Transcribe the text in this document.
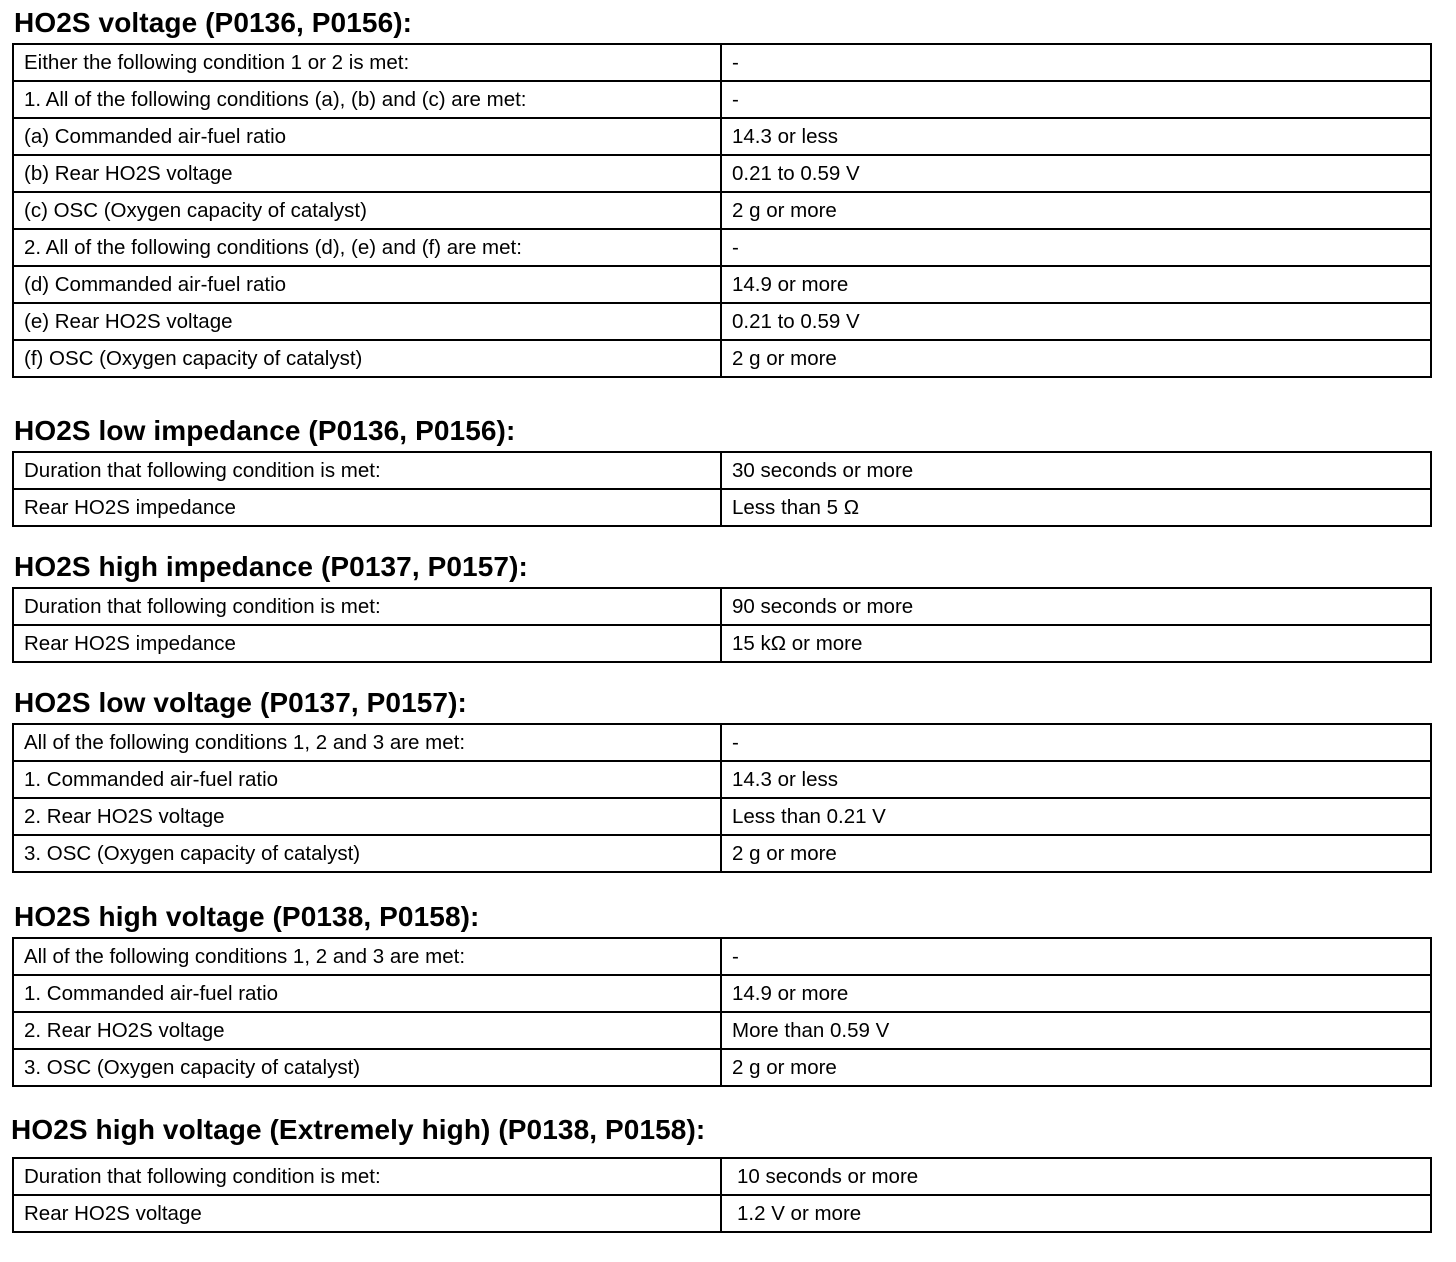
HO2S voltage (P0136, P0156):
Either the following condition 1 or 2 is met:	-
1. All of the following conditions (a), (b) and (c) are met:	-
(a) Commanded air-fuel ratio	14.3 or less
(b) Rear HO2S voltage	0.21 to 0.59 V
(c) OSC (Oxygen capacity of catalyst)	2 g or more
2. All of the following conditions (d), (e) and (f) are met:	-
(d) Commanded air-fuel ratio	14.9 or more
(e) Rear HO2S voltage	0.21 to 0.59 V
(f) OSC (Oxygen capacity of catalyst)	2 g or more
HO2S low impedance (P0136, P0156):
Duration that following condition is met:	30 seconds or more
Rear HO2S impedance	Less than 5 Ω
HO2S high impedance (P0137, P0157):
Duration that following condition is met:	90 seconds or more
Rear HO2S impedance	15 kΩ or more
HO2S low voltage (P0137, P0157):
All of the following conditions 1, 2 and 3 are met:	-
1. Commanded air-fuel ratio	14.3 or less
2. Rear HO2S voltage	Less than 0.21 V
3. OSC (Oxygen capacity of catalyst)	2 g or more
HO2S high voltage (P0138, P0158):
All of the following conditions 1, 2 and 3 are met:	-
1. Commanded air-fuel ratio	14.9 or more
2. Rear HO2S voltage	More than 0.59 V
3. OSC (Oxygen capacity of catalyst)	2 g or more
HO2S high voltage (Extremely high) (P0138, P0158):
Duration that following condition is met:	10 seconds or more
Rear HO2S voltage	1.2 V or more
